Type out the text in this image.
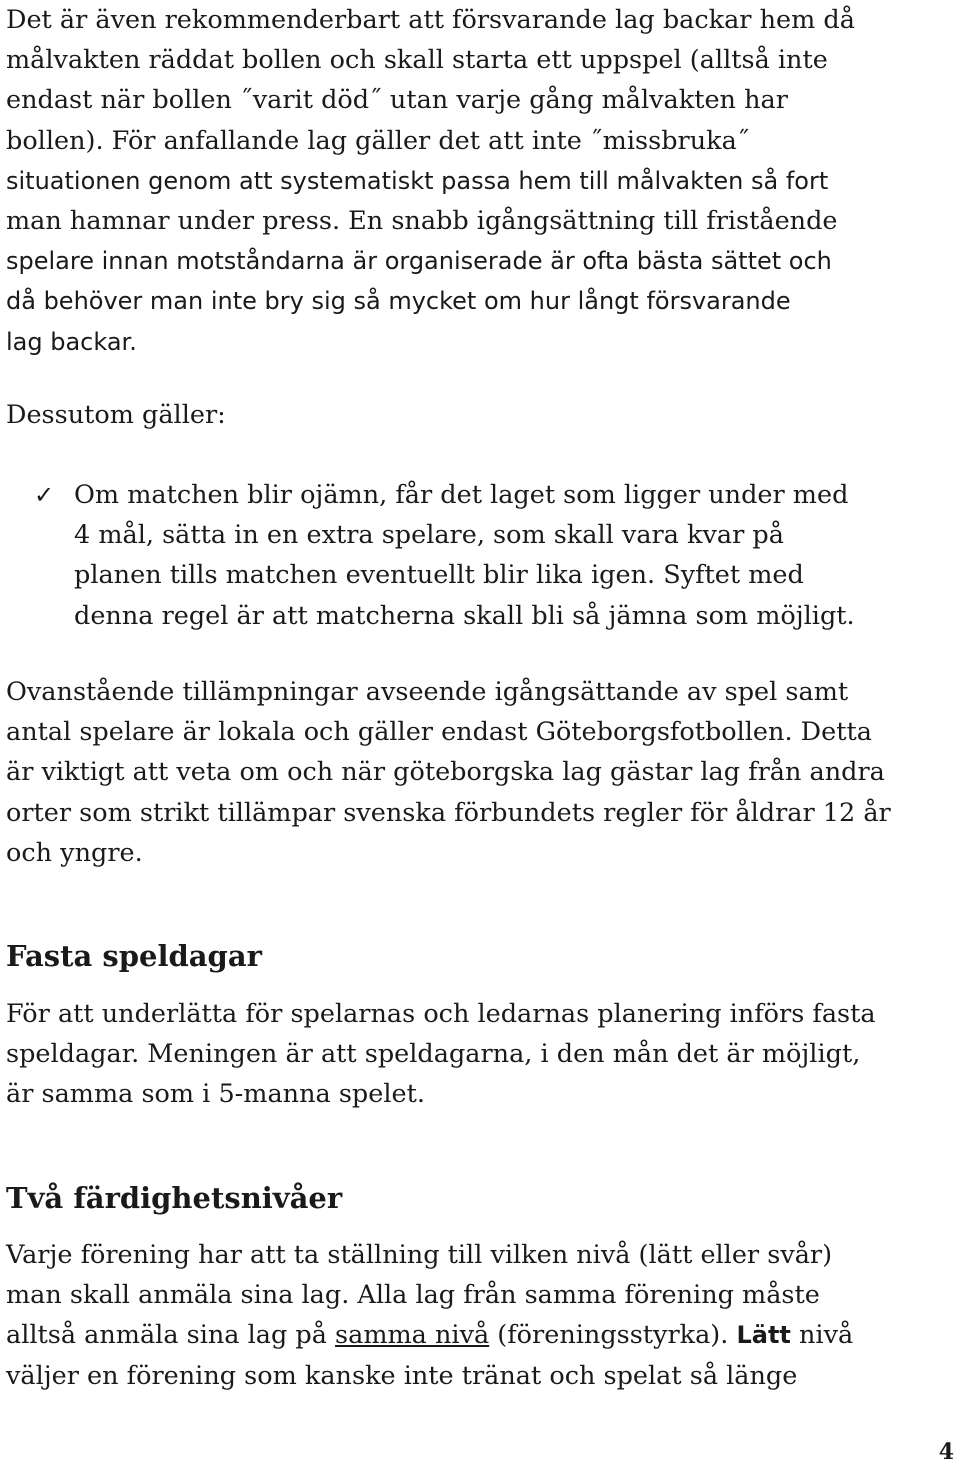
Det är även rekommenderbart att försvarande lag backar hem då

målvakten räddat bollen och skall starta ett uppspel (alltså inte

endast när bollen ˝varit död˝ utan varje gång målvakten har

bollen). För anfallande lag gäller det att inte ˝missbruka˝

situationen genom att systematiskt passa hem till målvakten så fort

man hamnar under press. En snabb igångsättning till fristående

spelare innan motståndarna är organiserade är ofta bästa sättet och

då behöver man inte bry sig så mycket om hur långt försvarande

lag backar.

Dessutom gäller:

✓ Om matchen blir ojämn, får det laget som ligger under med

4 mål, sätta in en extra spelare, som skall vara kvar på

planen tills matchen eventuellt blir lika igen. Syftet med

denna regel är att matcherna skall bli så jämna som möjligt.

Ovanstående tillämpningar avseende igångsättande av spel samt

antal spelare är lokala och gäller endast Göteborgsfotbollen. Detta

är viktigt att veta om och när göteborgska lag gästar lag från andra

orter som strikt tillämpar svenska förbundets regler för åldrar 12 år

och yngre.

Fasta speldagar

För att underlätta för spelarnas och ledarnas planering införs fasta

speldagar. Meningen är att speldagarna, i den mån det är möjligt,

är samma som i 5-manna spelet.

Två färdighetsnivåer

Varje förening har att ta ställning till vilken nivå (lätt eller svår)

man skall anmäla sina lag. Alla lag från samma förening måste

alltså anmäla sina lag på samma nivå (föreningsstyrka). Lätt nivå

väljer en förening som kanske inte tränat och spelat så länge

4
